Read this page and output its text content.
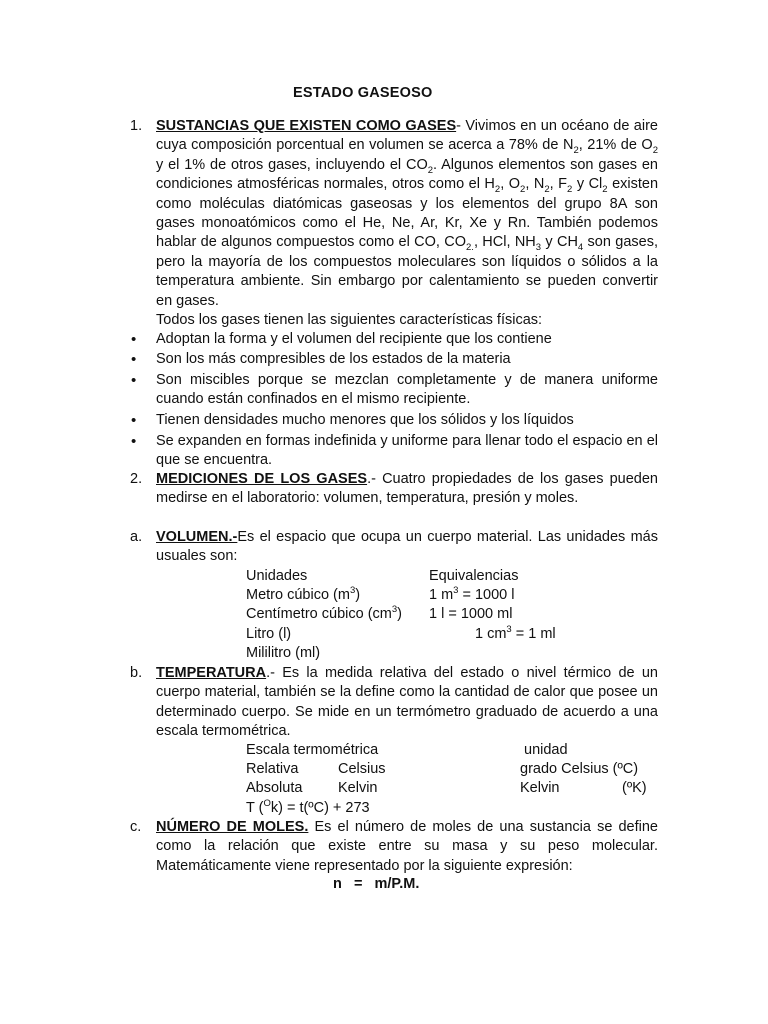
ESTADO GASEOSO
1. SUSTANCIAS QUE EXISTEN COMO GASES- Vivimos en un océano de aire cuya composición porcentual en volumen se acerca a 78% de $N_2$, 21% de $O_2$ y el 1% de otros gases, incluyendo el $CO_2$. Algunos elementos son gases en condiciones atmosféricas normales, otros como el $H_2$, $O_2$, $N_2$, $F_2$ y $Cl_2$ existen como moléculas diatómicas gaseosas y los elementos del grupo 8A son gases monoatómicos como el He, Ne, Ar, Kr, Xe y Rn. También podemos hablar de algunos compuestos como el CO, $CO_{2.}$, HCl, $NH_3$ y $CH_4$ son gases, pero la mayoría de los compuestos moleculares son líquidos o sólidos a la temperatura ambiente. Sin embargo por calentamiento se pueden convertir en gases.

Todos los gases tienen las siguientes características físicas:

• Adoptan la forma y el volumen del recipiente que los contiene
• Son los más compresibles de los estados de la materia
• Son miscibles porque se mezclan completamente y de manera uniforme cuando están confinados en el mismo recipiente.
• Tienen densidades mucho menores que los sólidos y los líquidos
• Se expanden en formas indefinida y uniforme para llenar todo el espacio en el que se encuentra.
2. MEDICIONES DE LOS GASES.- Cuatro propiedades de los gases pueden medirse en el laboratorio: volumen, temperatura, presión y moles.
a. VOLUMEN.-Es el espacio que ocupa un cuerpo material. Las unidades más usuales son:
Unidades	Equivalencias
Metro cúbico $(m^3)$	1 $m^3 = 1000$ l
Centímetro cúbico $(cm^3)$ 1 l = 1000 ml
Litro (l)	1 $cm^3 = 1$ ml
Mililitro (ml)
b. TEMPERATURA.- Es la medida relativa del estado o nivel térmico de un cuerpo material, también se la define como la cantidad de calor que posee un determinado cuerpo. Se mide en un termómetro graduado de acuerdo a una escala termométrica.
Escala termométrica	unidad
Relativa	Celsius	grado Celsius (ºC)
Absoluta Kelvin	Kelvin	(ºK)
T ($^O$k) = t(ºC) + 273
c. NÚMERO DE MOLES. Es el número de moles de una sustancia se define como la relación que existe entre su masa y su peso molecular. Matemáticamente viene representado por la siguiente expresión:
n   =   m/P.M.
